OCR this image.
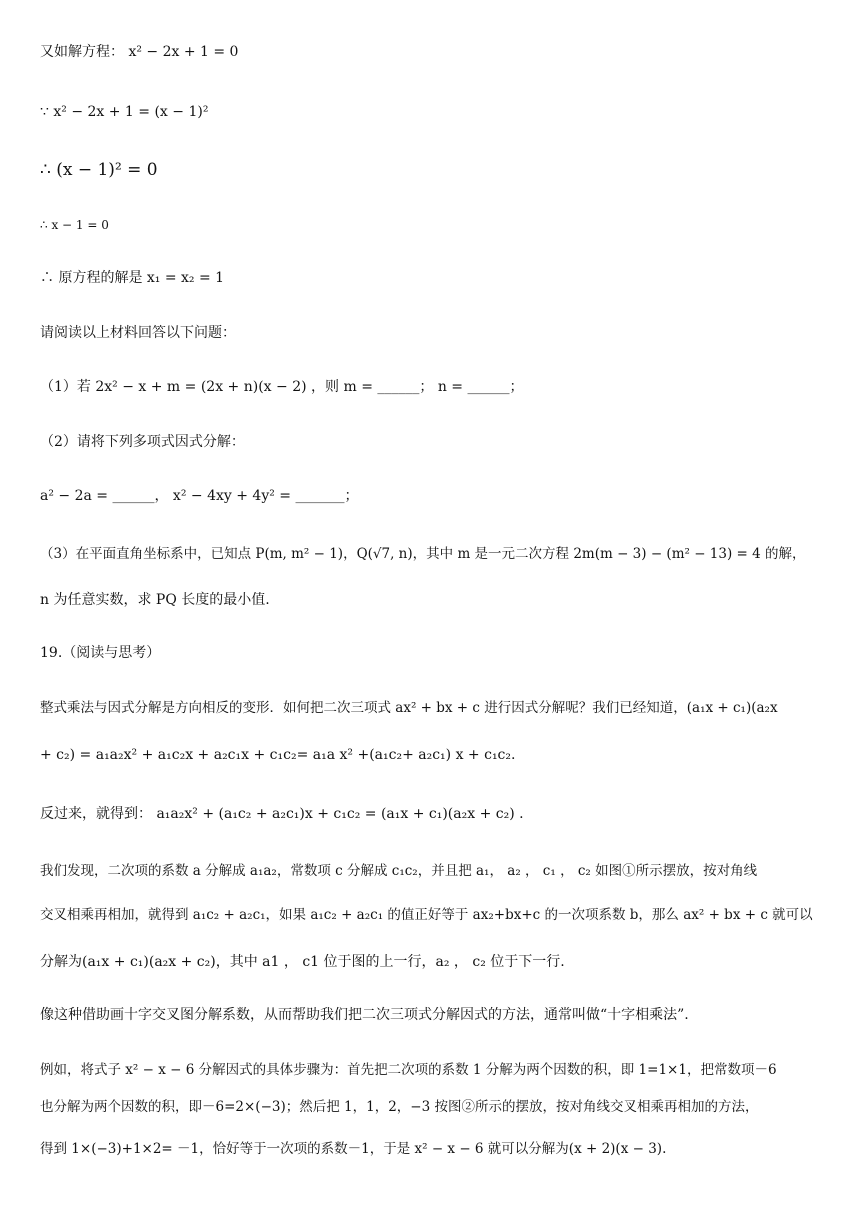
又如解方程： x² − 2x + 1 = 0
∵ x² − 2x + 1 = (x − 1)²
∴ (x − 1)² = 0
∴ x − 1 = 0
∴ 原方程的解是 x₁ = x₂ = 1
请阅读以上材料回答以下问题：
（1）若 2x² − x + m = (2x + n)(x − 2) ，则 m = ______； n = ______；
（2）请将下列多项式因式分解：
a² − 2a = ______， x² − 4xy + 4y² = _______；
（3）在平面直角坐标系中，已知点 P(m, m² − 1)，Q(√7, n)，其中 m 是一元二次方程 2m(m − 3) − (m² − 13) = 4 的解，
n 为任意实数，求 PQ 长度的最小值.
19.（阅读与思考）
整式乘法与因式分解是方向相反的变形．如何把二次三项式 ax² + bx + c 进行因式分解呢？我们已经知道，(a₁x + c₁)(a₂x
+ c₂) = a₁a₂x² + a₁c₂x + a₂c₁x + c₁c₂= a₁a x² +(a₁c₂+ a₂c₁) x + c₁c₂.
反过来，就得到： a₁a₂x² + (a₁c₂ + a₂c₁)x + c₁c₂ = (a₁x + c₁)(a₂x + c₂) .
我们发现，二次项的系数 a 分解成 a₁a₂，常数项 c 分解成 c₁c₂，并且把 a₁， a₂ ， c₁ ， c₂ 如图①所示摆放，按对角线
交叉相乘再相加，就得到 a₁c₂ + a₂c₁，如果 a₁c₂ + a₂c₁ 的值正好等于 ax₂+bx+c 的一次项系数 b，那么 ax² + bx + c 就可以
分解为(a₁x + c₁)(a₂x + c₂)，其中 a1 ， c1 位于图的上一行，a₂ ， c₂ 位于下一行.
像这种借助画十字交叉图分解系数，从而帮助我们把二次三项式分解因式的方法，通常叫做“十字相乘法”.
例如，将式子 x² − x − 6 分解因式的具体步骤为：首先把二次项的系数 1 分解为两个因数的积，即 1=1×1，把常数项－6
也分解为两个因数的积，即－6=2×(−3)；然后把 1，1，2，−3 按图②所示的摆放，按对角线交叉相乘再相加的方法，
得到 1×(−3)+1×2= －1，恰好等于一次项的系数－1，于是 x² − x − 6 就可以分解为(x + 2)(x − 3).
